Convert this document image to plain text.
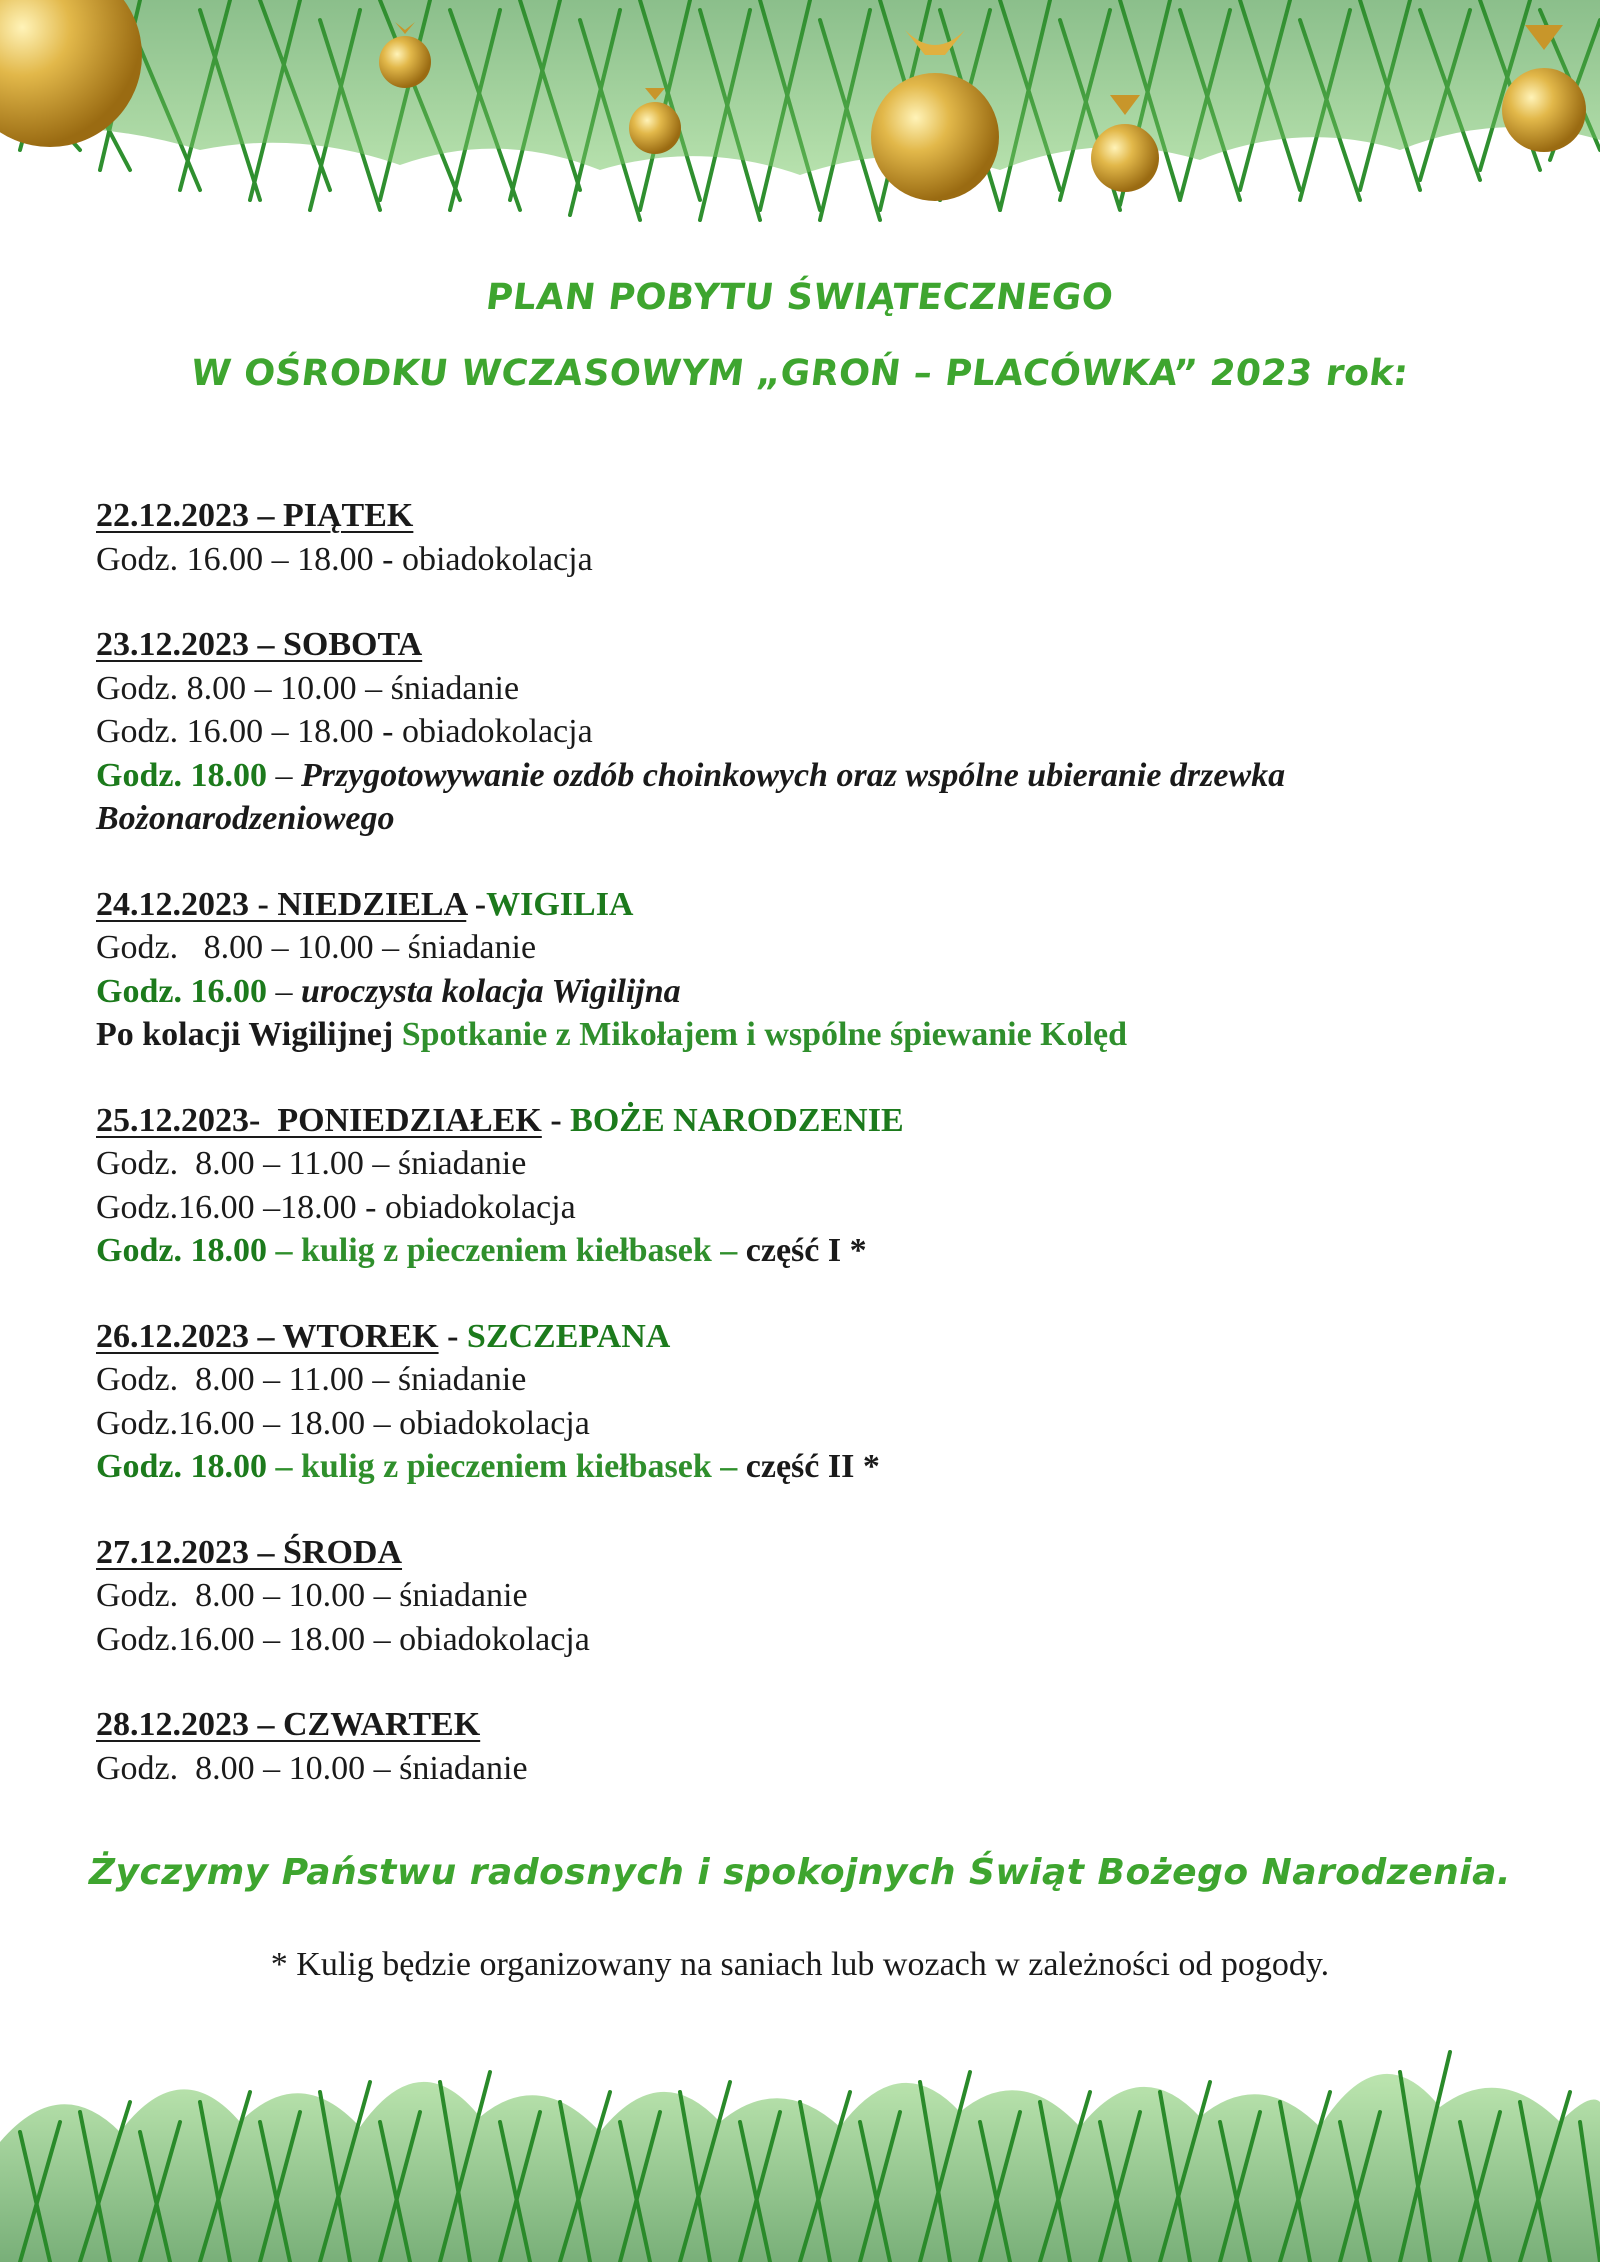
PLAN POBYTU ŚWIĄTECZNEGO
W OŚRODKU WCZASOWYM „GROŃ – PLACÓWKA” 2023 rok:
22.12.2023 – PIĄTEK
Godz. 16.00 – 18.00 - obiadokolacja
23.12.2023 – SOBOTA
Godz. 8.00 – 10.00 – śniadanie
Godz. 16.00 – 18.00 - obiadokolacja
Godz. 18.00 – Przygotowywanie ozdób choinkowych oraz wspólne ubieranie drzewka Bożonarodzeniowego
24.12.2023 - NIEDZIELA -WIGILIA
Godz.   8.00 – 10.00 – śniadanie
Godz. 16.00 – uroczysta kolacja Wigilijna
Po kolacji Wigilijnej Spotkanie z Mikołajem i wspólne śpiewanie Kolęd
25.12.2023-  PONIEDZIAŁEK - BOŻE NARODZENIE
Godz.  8.00 – 11.00 – śniadanie
Godz.16.00 –18.00 - obiadokolacja
Godz. 18.00 – kulig z pieczeniem kiełbasek – część I *
26.12.2023 – WTOREK - SZCZEPANA
Godz.  8.00 – 11.00 – śniadanie
Godz.16.00 – 18.00 – obiadokolacja
Godz. 18.00 – kulig z pieczeniem kiełbasek – część II *
27.12.2023 – ŚRODA
Godz.  8.00 – 10.00 – śniadanie
Godz.16.00 – 18.00 – obiadokolacja
28.12.2023 – CZWARTEK
Godz.  8.00 – 10.00 – śniadanie
Życzymy Państwu radosnych i spokojnych Świąt Bożego Narodzenia.
* Kulig będzie organizowany na saniach lub wozach w zależności od pogody.
